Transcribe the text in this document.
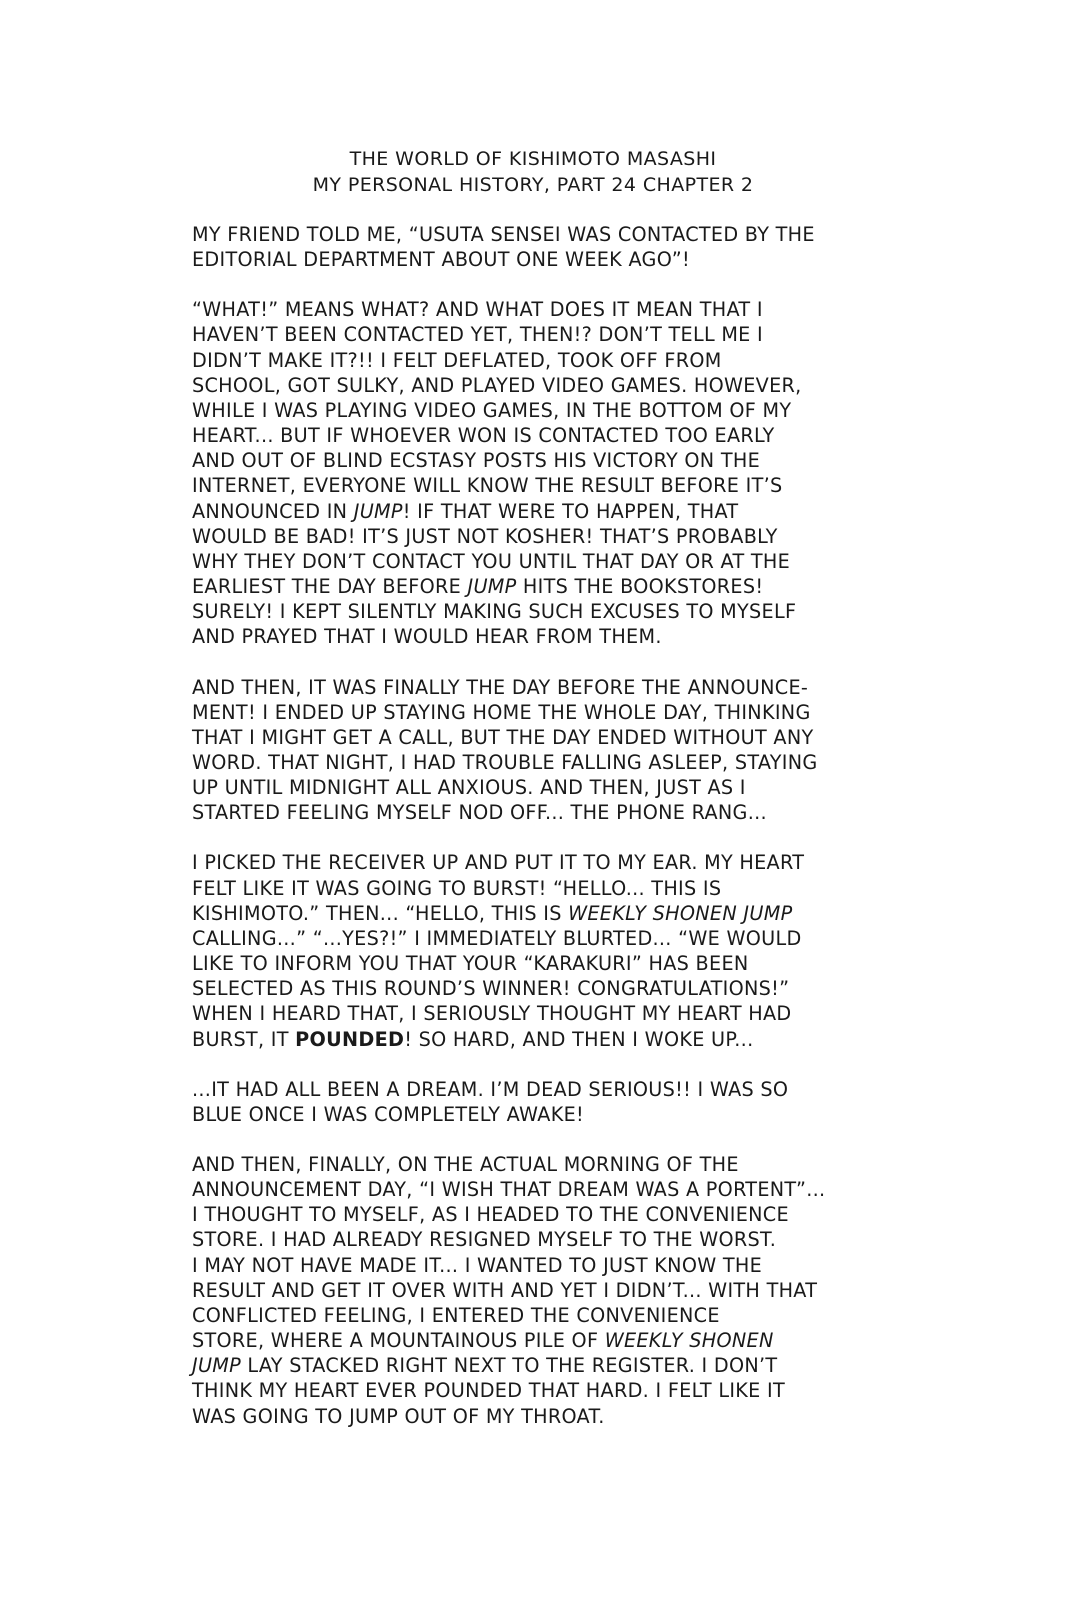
THE WORLD OF KISHIMOTO MASASHI
MY PERSONAL HISTORY, PART 24 CHAPTER 2
MY FRIEND TOLD ME, “USUTA SENSEI WAS CONTACTED BY THE
EDITORIAL DEPARTMENT ABOUT ONE WEEK AGO”!
“WHAT!” MEANS WHAT? AND WHAT DOES IT MEAN THAT I
HAVEN’T BEEN CONTACTED YET, THEN!? DON’T TELL ME I
DIDN’T MAKE IT?!! I FELT DEFLATED, TOOK OFF FROM
SCHOOL, GOT SULKY, AND PLAYED VIDEO GAMES. HOWEVER,
WHILE I WAS PLAYING VIDEO GAMES, IN THE BOTTOM OF MY
HEART... BUT IF WHOEVER WON IS CONTACTED TOO EARLY
AND OUT OF BLIND ECSTASY POSTS HIS VICTORY ON THE
INTERNET, EVERYONE WILL KNOW THE RESULT BEFORE IT’S
ANNOUNCED IN JUMP! IF THAT WERE TO HAPPEN, THAT
WOULD BE BAD! IT’S JUST NOT KOSHER! THAT’S PROBABLY
WHY THEY DON’T CONTACT YOU UNTIL THAT DAY OR AT THE
EARLIEST THE DAY BEFORE JUMP HITS THE BOOKSTORES!
SURELY! I KEPT SILENTLY MAKING SUCH EXCUSES TO MYSELF
AND PRAYED THAT I WOULD HEAR FROM THEM.
AND THEN, IT WAS FINALLY THE DAY BEFORE THE ANNOUNCE-
MENT! I ENDED UP STAYING HOME THE WHOLE DAY, THINKING
THAT I MIGHT GET A CALL, BUT THE DAY ENDED WITHOUT ANY
WORD. THAT NIGHT, I HAD TROUBLE FALLING ASLEEP, STAYING
UP UNTIL MIDNIGHT ALL ANXIOUS. AND THEN, JUST AS I
STARTED FEELING MYSELF NOD OFF... THE PHONE RANG...
I PICKED THE RECEIVER UP AND PUT IT TO MY EAR. MY HEART
FELT LIKE IT WAS GOING TO BURST! “HELLO... THIS IS
KISHIMOTO.” THEN... “HELLO, THIS IS WEEKLY SHONEN JUMP
CALLING...” “...YES?!” I IMMEDIATELY BLURTED... “WE WOULD
LIKE TO INFORM YOU THAT YOUR “KARAKURI” HAS BEEN
SELECTED AS THIS ROUND’S WINNER! CONGRATULATIONS!”
WHEN I HEARD THAT, I SERIOUSLY THOUGHT MY HEART HAD
BURST, IT POUNDED! SO HARD, AND THEN I WOKE UP...
...IT HAD ALL BEEN A DREAM. I’M DEAD SERIOUS!! I WAS SO
BLUE ONCE I WAS COMPLETELY AWAKE!
AND THEN, FINALLY, ON THE ACTUAL MORNING OF THE
ANNOUNCEMENT DAY, “I WISH THAT DREAM WAS A PORTENT”...
I THOUGHT TO MYSELF, AS I HEADED TO THE CONVENIENCE
STORE. I HAD ALREADY RESIGNED MYSELF TO THE WORST.
I MAY NOT HAVE MADE IT... I WANTED TO JUST KNOW THE
RESULT AND GET IT OVER WITH AND YET I DIDN’T... WITH THAT
CONFLICTED FEELING, I ENTERED THE CONVENIENCE
STORE, WHERE A MOUNTAINOUS PILE OF WEEKLY SHONEN
JUMP LAY STACKED RIGHT NEXT TO THE REGISTER. I DON’T
THINK MY HEART EVER POUNDED THAT HARD. I FELT LIKE IT
WAS GOING TO JUMP OUT OF MY THROAT.
